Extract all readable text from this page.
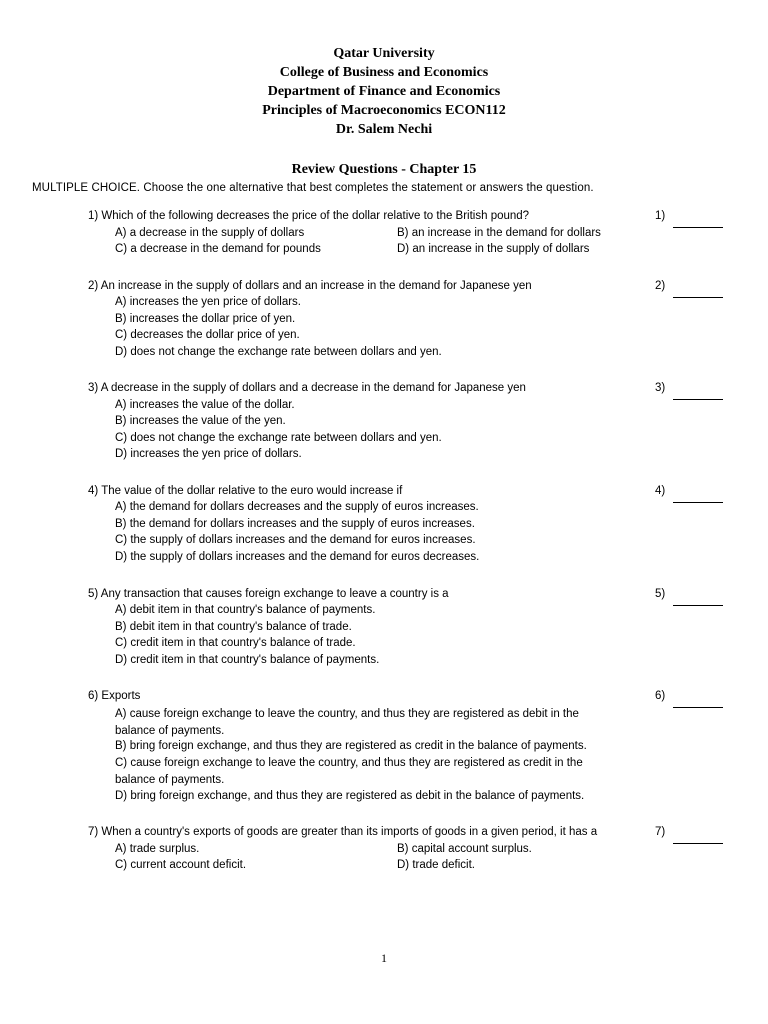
Qatar University
College of Business and Economics
Department of Finance and Economics
Principles of Macroeconomics ECON112
Dr. Salem Nechi
Review Questions - Chapter 15
MULTIPLE CHOICE. Choose the one alternative that best completes the statement or answers the question.
1) Which of the following decreases the price of the dollar relative to the British pound?	1)
A) a decrease in the supply of dollars	B) an increase in the demand for dollars
C) a decrease in the demand for pounds	D) an increase in the supply of dollars
2) An increase in the supply of dollars and an increase in the demand for Japanese yen	2)
A) increases the yen price of dollars.
B) increases the dollar price of yen.
C) decreases the dollar price of yen.
D) does not change the exchange rate between dollars and yen.
3) A decrease in the supply of dollars and a decrease in the demand for Japanese yen	3)
A) increases the value of the dollar.
B) increases the value of the yen.
C) does not change the exchange rate between dollars and yen.
D) increases the yen price of dollars.
4) The value of the dollar relative to the euro would increase if	4)
A) the demand for dollars decreases and the supply of euros increases.
B) the demand for dollars increases and the supply of euros increases.
C) the supply of dollars increases and the demand for euros increases.
D) the supply of dollars increases and the demand for euros decreases.
5) Any transaction that causes foreign exchange to leave a country is a	5)
A) debit item in that country's balance of payments.
B) debit item in that country's balance of trade.
C) credit item in that country's balance of trade.
D) credit item in that country's balance of payments.
6) Exports	6)
A) cause foreign exchange to leave the country, and thus they are registered as debit in the balance of payments.
B) bring foreign exchange, and thus they are registered as credit in the balance of payments.
C) cause foreign exchange to leave the country, and thus they are registered as credit in the balance of payments.
D) bring foreign exchange, and thus they are registered as debit in the balance of payments.
7) When a country's exports of goods are greater than its imports of goods in a given period, it has a	7)
A) trade surplus.	B) capital account surplus.
C) current account deficit.	D) trade deficit.
1
